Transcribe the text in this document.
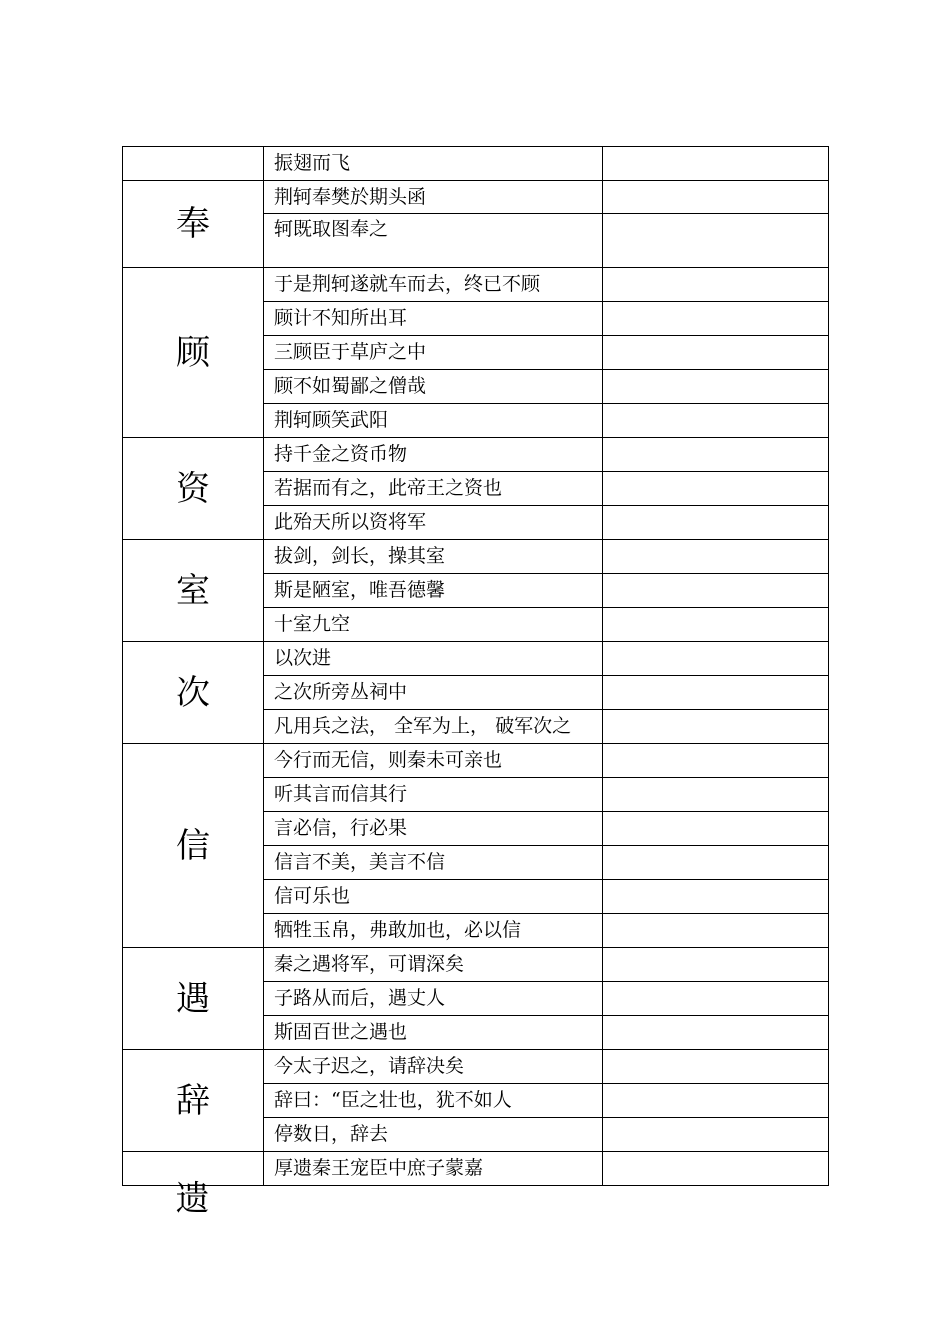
	振翅而飞	
奉	荆轲奉樊於期头函	
	轲既取图奉之	
顾	于是荆轲遂就车而去，终已不顾	
	顾计不知所出耳	
	三顾臣于草庐之中	
	顾不如蜀鄙之僧哉	
	荆轲顾笑武阳	
资	持千金之资币物	
	若据而有之，此帝王之资也	
	此殆天所以资将军	
室	拔剑，剑长，操其室	
	斯是陋室，唯吾德馨	
	十室九空	
次	以次进	
	之次所旁丛祠中	
	凡用兵之法， 全军为上， 破军次之	
信	今行而无信，则秦未可亲也	
	听其言而信其行	
	言必信，行必果	
	信言不美，美言不信	
	信可乐也	
	牺牲玉帛，弗敢加也，必以信	
遇	秦之遇将军，可谓深矣	
	子路从而后，遇丈人	
	斯固百世之遇也	
辞	今太子迟之，请辞决矣	
	辞曰：“臣之壮也，犹不如人	
	停数日，辞去	
	厚遗秦王宠臣中庶子蒙嘉	
遗
